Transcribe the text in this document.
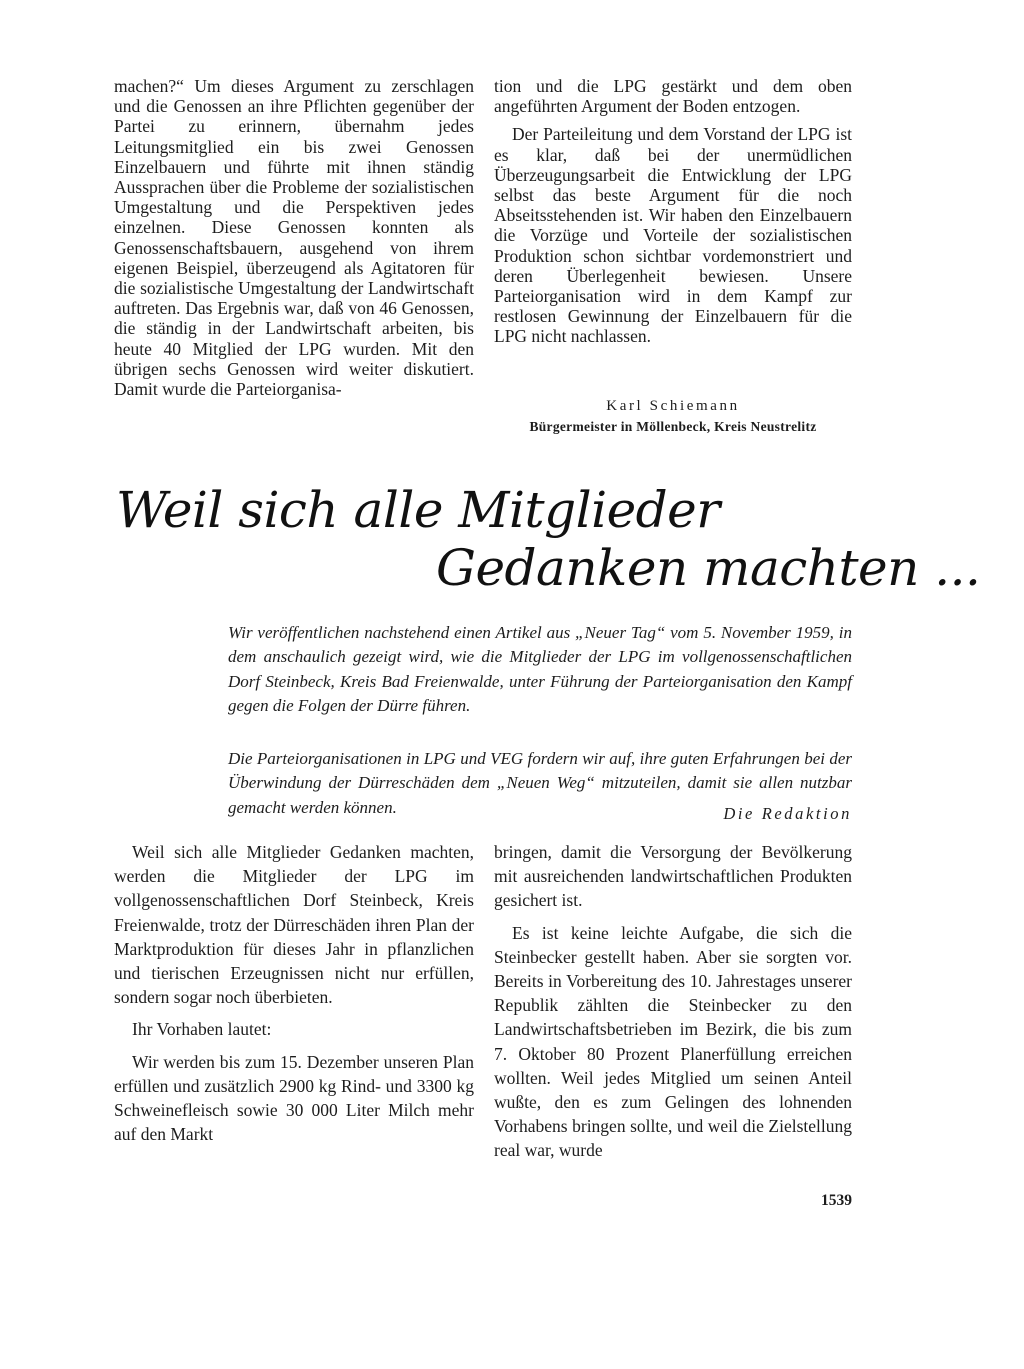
machen?“ Um dieses Argument zu zerschlagen und die Genossen an ihre Pflichten gegenüber der Partei zu erinnern, übernahm jedes Leitungsmitglied ein bis zwei Genossen Einzelbauern und führte mit ihnen ständig Aussprachen über die Probleme der sozialistischen Umgestaltung und die Perspektiven jedes einzelnen. Diese Genossen konnten als Genossenschaftsbauern, ausgehend von ihrem eigenen Beispiel, überzeugend als Agitatoren für die sozialistische Umgestaltung der Landwirtschaft auftreten. Das Ergebnis war, daß von 46 Genossen, die ständig in der Landwirtschaft arbeiten, bis heute 40 Mitglied der LPG wurden. Mit den übrigen sechs Genossen wird weiter diskutiert. Damit wurde die Parteiorganisa-

tion und die LPG gestärkt und dem oben angeführten Argument der Boden entzogen.

Der Parteileitung und dem Vorstand der LPG ist es klar, daß bei der unermüdlichen Überzeugungsarbeit die Entwicklung der LPG selbst das beste Argument für die noch Abseitsstehenden ist. Wir haben den Einzelbauern die Vorzüge und Vorteile der sozialistischen Produktion schon sichtbar vordemonstriert und deren Überlegenheit bewiesen. Unsere Parteiorganisation wird in dem Kampf zur restlosen Gewinnung der Einzelbauern für die LPG nicht nachlassen.

Karl Schiemann
Bürgermeister in Möllenbeck, Kreis Neustrelitz
Weil sich alle Mitglieder
Gedanken machten ...

Wir veröffentlichen nachstehend einen Artikel aus „Neuer Tag“ vom 5. November 1959, in dem anschaulich gezeigt wird, wie die Mitglieder der LPG im vollgenossenschaftlichen Dorf Steinbeck, Kreis Bad Freienwalde, unter Führung der Parteiorganisation den Kampf gegen die Folgen der Dürre führen.

Die Parteiorganisationen in LPG und VEG fordern wir auf, ihre guten Erfahrungen bei der Überwindung der Dürreschäden dem „Neuen Weg“ mitzuteilen, damit sie allen nutzbar gemacht werden können.	Die Redaktion

Weil sich alle Mitglieder Gedanken machten, werden die Mitglieder der LPG im vollgenossenschaftlichen Dorf Steinbeck, Kreis Freienwalde, trotz der Dürreschäden ihren Plan der Marktproduktion für dieses Jahr in pflanzlichen und tierischen Erzeugnissen nicht nur erfüllen, sondern sogar noch überbieten.

Ihr Vorhaben lautet:

Wir werden bis zum 15. Dezember unseren Plan erfüllen und zusätzlich 2900 kg Rind- und 3300 kg Schweinefleisch sowie 30 000 Liter Milch mehr auf den Markt

bringen, damit die Versorgung der Bevölkerung mit ausreichenden landwirtschaftlichen Produkten gesichert ist.

Es ist keine leichte Aufgabe, die sich die Steinbecker gestellt haben. Aber sie sorgten vor. Bereits in Vorbereitung des 10. Jahrestages unserer Republik zählten die Steinbecker zu den Landwirtschaftsbetrieben im Bezirk, die bis zum 7. Oktober 80 Prozent Planerfüllung erreichen wollten. Weil jedes Mitglied um seinen Anteil wußte, den es zum Gelingen des lohnenden Vorhabens bringen sollte, und weil die Zielstellung real war, wurde

1539
